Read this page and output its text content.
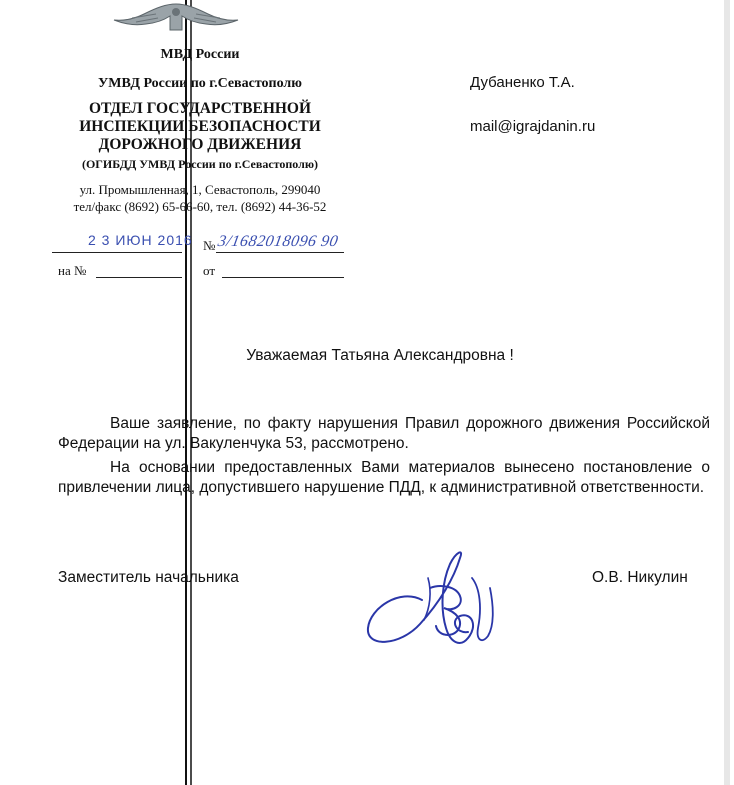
МВД России
УМВД России по г.Севастополю
ОТДЕЛ ГОСУДАРСТВЕННОЙ
ИНСПЕКЦИИ БЕЗОПАСНОСТИ
ДОРОЖНОГО ДВИЖЕНИЯ
(ОГИБДД УМВД России по г.Севастополю)
ул. Промышленная, 1, Севастополь, 299040
тел/факс (8692) 65-66-60, тел. (8692) 44-36-52
2 3 ИЮН 2016 № 3/1682018096 90
на №	от
Дубаненко Т.А.
mail@igrajdanin.ru
Уважаемая Татьяна Александровна !
Ваше заявление, по факту нарушения Правил дорожного движения Российской Федерации на ул. Вакуленчука 53, рассмотрено.
На основании предоставленных Вами материалов вынесено постановление о привлечении лица, допустившего нарушение ПДД, к административной ответственности.
Заместитель начальника	О.В. Никулин
